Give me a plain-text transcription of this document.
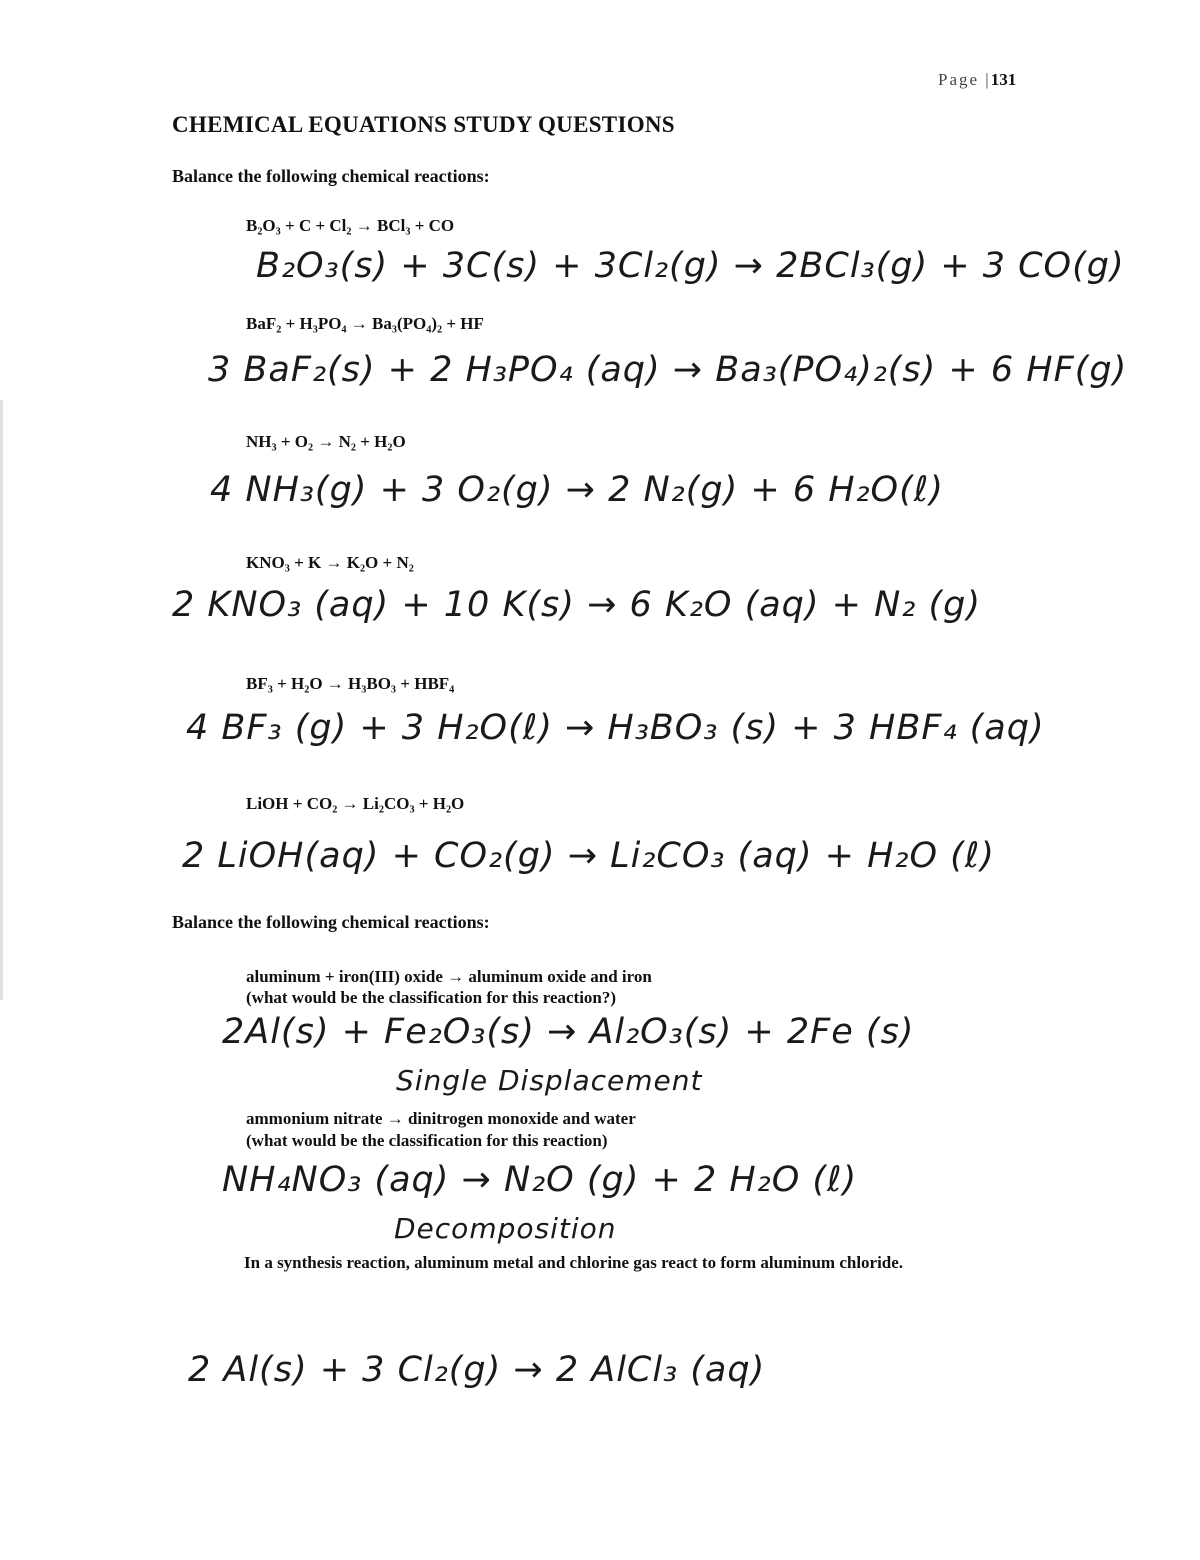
Page |131
CHEMICAL EQUATIONS STUDY QUESTIONS
Balance the following chemical reactions:
B₂O₃ + C + Cl₂ → BCl₃ + CO
B₂O₃(s) + 3C(s) + 3Cl₂(g) → 2BCl₃(g) + 3 CO(g)
BaF₂ + H₃PO₄ → Ba₃(PO₄)₂ + HF
3 BaF₂(s) + 2 H₃PO₄ (aq) → Ba₃(PO₄)₂(s) + 6 HF(g)
NH₃ + O₂ → N₂ + H₂O
4 NH₃(g) + 3 O₂(g) → 2 N₂(g) + 6 H₂O(ℓ)
KNO₃ + K → K₂O + N₂
2 KNO₃ (aq) + 10 K(s) → 6 K₂O (aq) + N₂ (g)
BF₃ + H₂O → H₃BO₃ + HBF₄
4 BF₃ (g) + 3 H₂O(ℓ) → H₃BO₃ (s) + 3 HBF₄ (aq)
LiOH + CO₂ → Li₂CO₃ + H₂O
2 LiOH(aq) + CO₂(g) → Li₂CO₃ (aq) + H₂O (ℓ)
Balance the following chemical reactions:
aluminum + iron(III) oxide → aluminum oxide and iron
(what would be the classification for this reaction?)
2Al(s) + Fe₂O₃(s) → Al₂O₃(s) + 2Fe (s)
Single Displacement
ammonium nitrate → dinitrogen monoxide and water
(what would be the classification for this reaction)
NH₄NO₃ (aq) → N₂O (g) + 2 H₂O (ℓ)
Decomposition
In a synthesis reaction, aluminum metal and chlorine gas react to form aluminum chloride.
2 Al(s) + 3 Cl₂(g) → 2 AlCl₃ (aq)
